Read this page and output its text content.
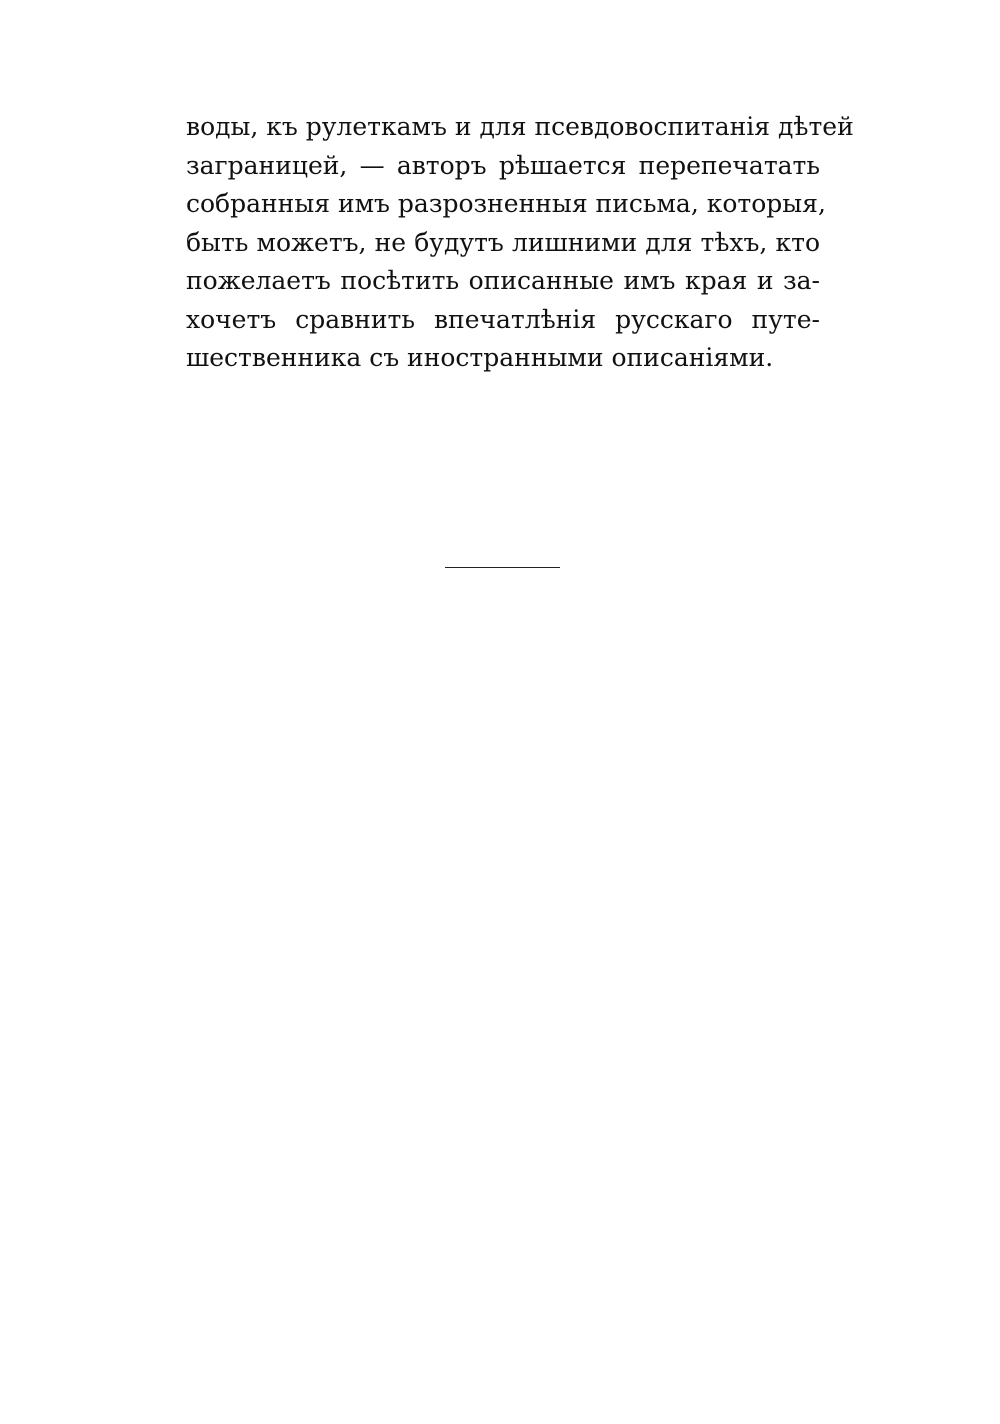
воды, къ рулеткамъ и для псевдовоспитанія дѣтей
заграницей, — авторъ рѣшается перепечатать
собранныя имъ разрозненныя письма, которыя,
быть можетъ, не будутъ лишними для тѣхъ, кто
пожелаетъ посѣтить описанные имъ края и за-
хочетъ сравнить впечатлѣнія русскаго путе-
шественника съ иностранными описаніями.
